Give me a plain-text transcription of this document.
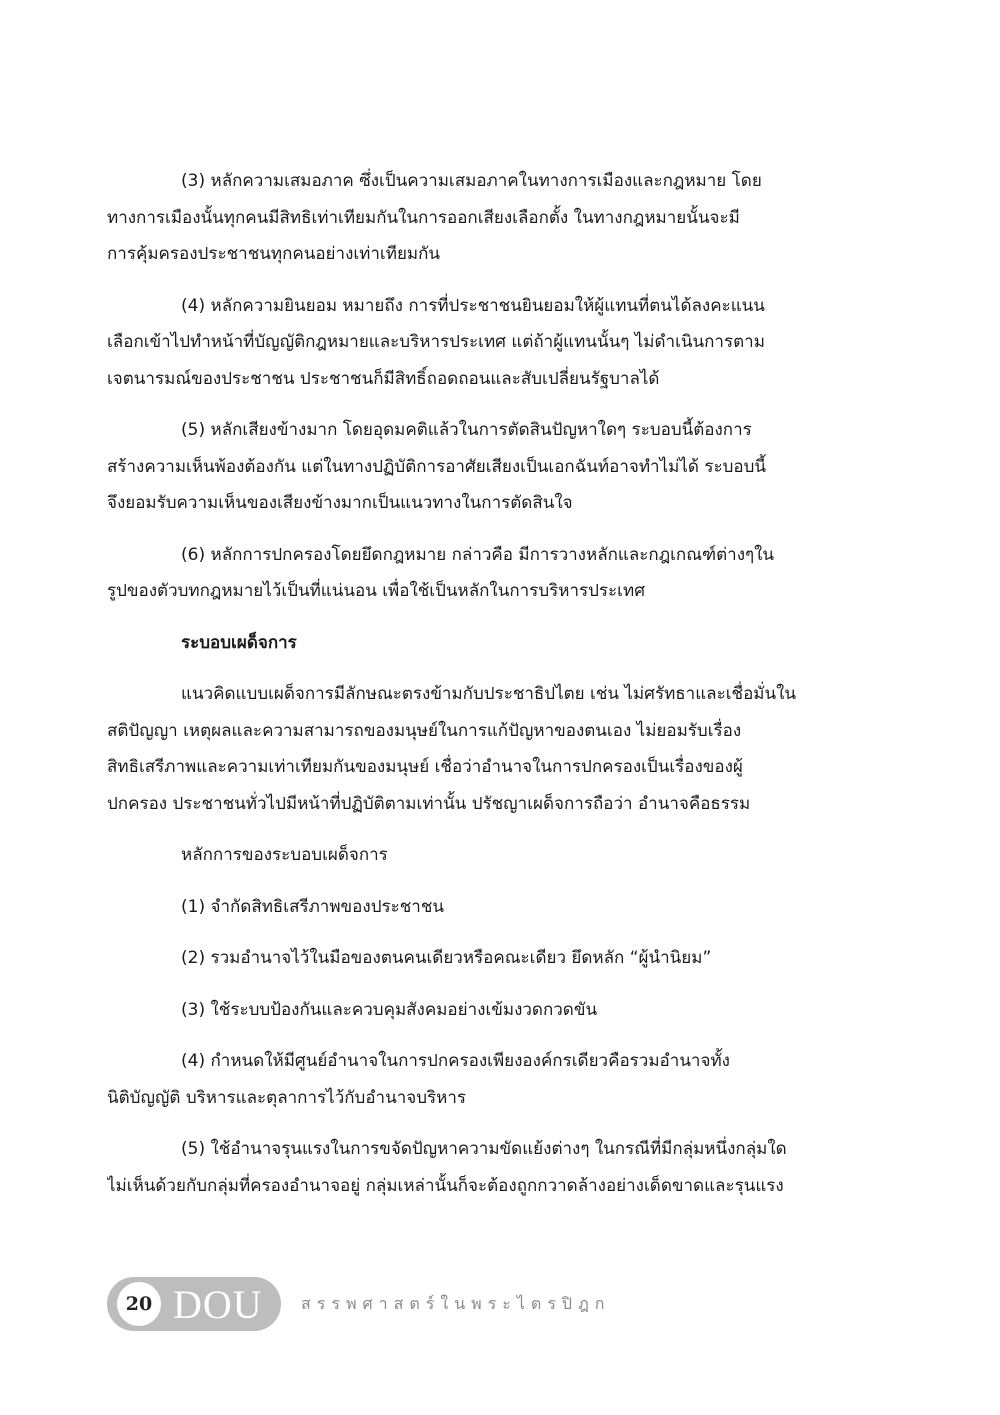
(3) หลักความเสมอภาค ซึ่งเป็นความเสมอภาคในทางการเมืองและกฎหมาย โดย
ทางการเมืองนั้นทุกคนมีสิทธิเท่าเทียมกันในการออกเสียงเลือกตั้ง ในทางกฎหมายนั้นจะมี
การคุ้มครองประชาชนทุกคนอย่างเท่าเทียมกัน
(4) หลักความยินยอม หมายถึง การที่ประชาชนยินยอมให้ผู้แทนที่ตนได้ลงคะแนน
เลือกเข้าไปทำหน้าที่บัญญัติกฎหมายและบริหารประเทศ แต่ถ้าผู้แทนนั้นๆ ไม่ดำเนินการตาม
เจตนารมณ์ของประชาชน ประชาชนก็มีสิทธิ์ถอดถอนและสับเปลี่ยนรัฐบาลได้
(5) หลักเสียงข้างมาก โดยอุดมคติแล้วในการตัดสินปัญหาใดๆ ระบอบนี้ต้องการ
สร้างความเห็นพ้องต้องกัน แต่ในทางปฏิบัติการอาศัยเสียงเป็นเอกฉันท์อาจทำไม่ได้ ระบอบนี้
จึงยอมรับความเห็นของเสียงข้างมากเป็นแนวทางในการตัดสินใจ
(6) หลักการปกครองโดยยึดกฎหมาย กล่าวคือ มีการวางหลักและกฎเกณฑ์ต่างๆใน
รูปของตัวบทกฎหมายไว้เป็นที่แน่นอน เพื่อใช้เป็นหลักในการบริหารประเทศ
ระบอบเผด็จการ
แนวคิดแบบเผด็จการมีลักษณะตรงข้ามกับประชาธิปไตย เช่น ไม่ศรัทธาและเชื่อมั่นใน
สติปัญญา เหตุผลและความสามารถของมนุษย์ในการแก้ปัญหาของตนเอง ไม่ยอมรับเรื่อง
สิทธิเสรีภาพและความเท่าเทียมกันของมนุษย์ เชื่อว่าอำนาจในการปกครองเป็นเรื่องของผู้
ปกครอง ประชาชนทั่วไปมีหน้าที่ปฏิบัติตามเท่านั้น ปรัชญาเผด็จการถือว่า อำนาจคือธรรม
หลักการของระบอบเผด็จการ
(1) จำกัดสิทธิเสรีภาพของประชาชน
(2) รวมอำนาจไว้ในมือของตนคนเดียวหรือคณะเดียว ยึดหลัก “ผู้นำนิยม”
(3) ใช้ระบบป้องกันและควบคุมสังคมอย่างเข้มงวดกวดขัน
(4) กำหนดให้มีศูนย์อำนาจในการปกครองเพียงองค์กรเดียวคือรวมอำนาจทั้ง
นิติบัญญัติ บริหารและตุลาการไว้กับอำนาจบริหาร
(5) ใช้อำนาจรุนแรงในการขจัดปัญหาความขัดแย้งต่างๆ ในกรณีที่มีกลุ่มหนึ่งกลุ่มใด
ไม่เห็นด้วยกับกลุ่มที่ครองอำนาจอยู่ กลุ่มเหล่านั้นก็จะต้องถูกกวาดล้างอย่างเด็ดขาดและรุนแรง
20 DOU สรรพศาสตร์ในพระไตรปิฎก
